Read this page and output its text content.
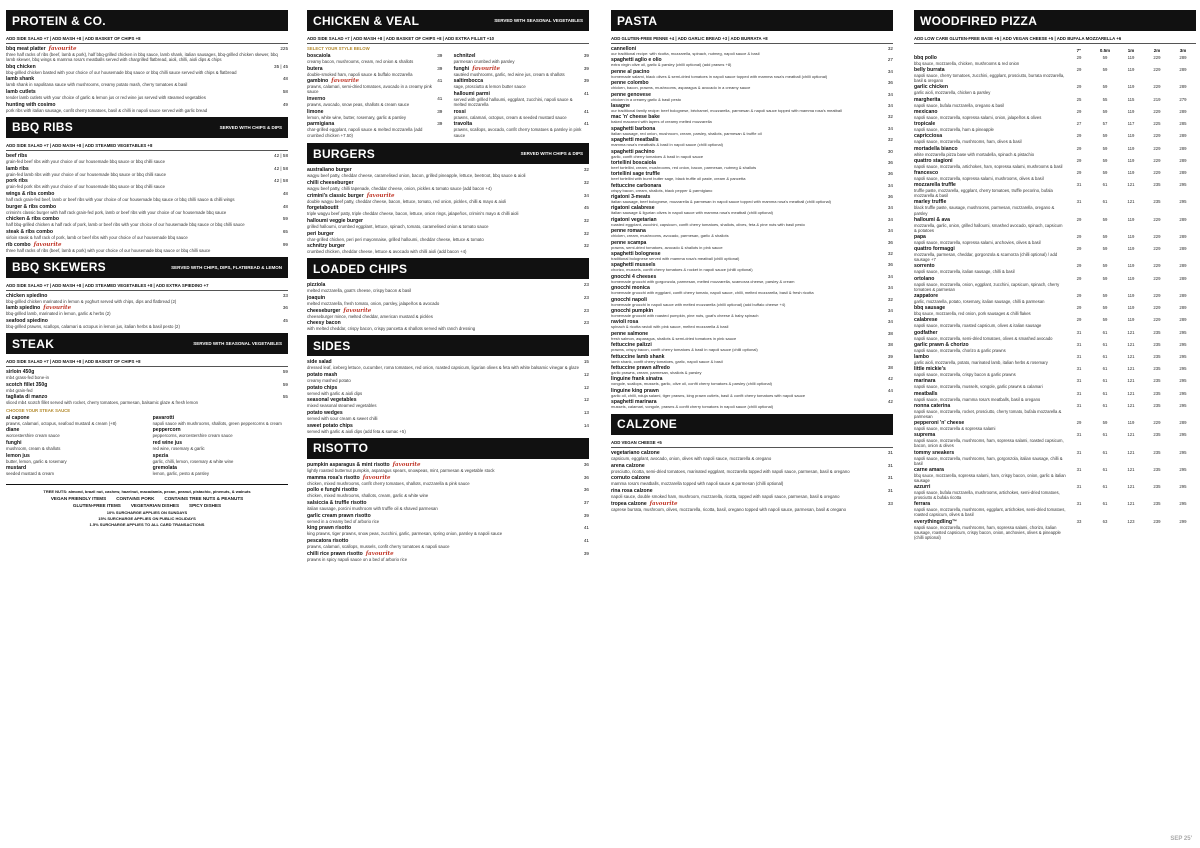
PROTEIN & CO.
ADD SIDE SALAD +7 | ADD MASH +8 | ADD BASKET OF CHIPS +8
bbq meat platter favourite
three half racks of ribs (beef, lamb & pork), half bbq-grilled chicken in bbq sauce, lamb shank, italian sausages, bbq-grilled chicken skewer, bbq lamb skewer, bbq wings & mamma rosa's meatballs served with chargrilled flatbread, aioli, chilli, aioli dips & chips
225
bbq chicken
bbq-grilled chicken basted with your choice of our housemade bbq sauce or bbq chilli sauce served with chips & flatbread
35 | 45
lamb shank
lamb shank in napolitana sauce with mushrooms, creamy potato mash, cherry tomatoes & basil
48
lamb cutlets
tender lamb cutlets with your choice of garlic & lemon jus or red wine jus served with steamed vegetables
58
hunting with cosimo
pork ribs with italian sausage, confit cherry tomatoes, basil & chilli in napoli sauce served with garlic bread
49
BBQ RIBS	SERVED WITH CHIPS & DIPS
ADD SIDE SALAD +7 | ADD MASH +8 | ADD STEAMED VEGETABLES +8
beef ribs
grain-fed beef ribs with your choice of our housemade bbq sauce or bbq chilli sauce
42 | 58
lamb ribs
grain-fed lamb ribs with your choice of our housemade bbq sauce or bbq chilli sauce
42 | 58
pork ribs
grain-fed pork ribs with your choice of our housemade bbq sauce or bbq chilli sauce
42 | 58
wings & ribs combo
half rack grain-fed beef, lamb or beef ribs with your choice of our housemade bbq sauce or bbq chilli sauce & chilli wings
48
burger & ribs combo
crimini's classic burger with half rack grain-fed pork, lamb or beef ribs with your choice of our housemade bbq sauce
48
chicken & ribs combo
half bbq-grilled chicken & half rack of pork, lamb or beef ribs with your choice of our housemade bbq sauce or bbq chilli sauce
59
steak & ribs combo
sirloin steak & half rack of pork, lamb or beef ribs with your choice of our housemade bbq sauce
65
rib combo favourite
three half racks of ribs (beef, lamb & pork) with your choice of our housemade bbq sauce or bbq chilli sauce
99
BBQ SKEWERS	SERVED WITH CHIPS, DIPS, FLATBREAD & LEMON
ADD SIDE SALAD +7 | ADD MASH +8 | ADD STEAMED VEGETABLES +8 | ADD EXTRA SPIEDINO +7
chicken spiedino
bbq-grilled chicken marinated in lemon & yoghurt served with chips, dips and flatbread (2)
33
lamb spiedino favourite
bbq-grilled lamb, marinated in lemon, garlic & herbs (2)
36
seafood spiedino
bbq-grilled prawns, scallops, calamari & octopus in lemon jus, italian herbs & basil pesto (2)
45
STEAK	SERVED WITH SEASONAL VEGETABLES
ADD SIDE SALAD +7 | ADD MASH +8 | ADD BASKET OF CHIPS +8
sirloin 450g
mb4 grass-fed bone-in
59
scotch fillet 350g
mb4 grain-fed
59
tagliata di manzo
sliced mb4 scotch fillet served with rocket, cherry tomatoes, parmesan, balsamic glaze & fresh lemon
55
CHOOSE YOUR STEAK SAUCE
al capone
prawns, calamari, octopus, seafood mustard & cream (+8)
diane
worcestershire cream sauce
funghi
mushroom, cream & shallots
lemon jus
butter, lemon, garlic & rosemary
mustard
seeded mustard & cream
pavarotti
napoli sauce with mushrooms, shallots, green peppercorns & cream
peppercorn
peppercorns, worcestershire cream sauce
red wine jus
red wine, rosemary & garlic
spezia
garlic, chilli, lemon, rosemary & white wine
gremolata
lemon, garlic, pesto & parsley

TREE NUTS: almond, brazil nut, cashew, hazelnut, macadamia, pecan, peanut, pistachio, pinenuts, & walnuts

VEGAN FRIENDLY ITEMS CONTAINS PORK CONTAINS TREE NUTS & PEANUTS
GLUTEN-FREE ITEMS VEGETARIAN DISHES SPICY DISHES

10% SURCHARGE APPLIES ON SUNDAYS

15% SURCHARGE APPLIES ON PUBLIC HOLIDAYS

1.5% SURCHARGE APPLIES TO ALL CARD TRANSACTIONS

CHICKEN & VEAL	SERVED WITH SEASONAL VEGETABLES
ADD SIDE SALAD +7 | ADD MASH +8 | ADD BASKET OF CHIPS +8 | ADD EXTRA FILLET +10
SELECT YOUR STYLE BELOW
boscaiola
creamy bacon, mushrooms, cream, red onion & shallots
39
butera
double-smoked ham, napoli sauce & buffalo mozzarella
39
gambino favourite
prawns, calamari, semi-dried tomatoes, avocado in a creamy pink sauce
41
inverno
prawns, avocado, snow peas, shallots & cream sauce
41
limone
lemon, white wine, butter, rosemary, garlic & parsley
39
parmigiana
char-grilled eggplant, napoli sauce & melted mozzarella (add crumbed chicken +7.50)
39
schnitzel
parmesan crumbed with parsley
39
funghi favourite
sautéed mushrooms, garlic, red wine jus, cream & shallots
39
saltimbocca
sage, prosciutto & lemon butter sauce
39
halloumi parmi
served with grilled halloumi, eggplant, zucchini, napoli sauce & melted mozzarella
41
rossi
prawns, calamari, octopus, cream & seeded mustard sauce
41
travolta
prawns, scallops, avocado, confit cherry tomatoes & parsley in pink sauce
41
BURGERS	SERVED WITH CHIPS & DIPS
australiano burger
wagyu beef patty, cheddar cheese, caramelised onion, bacon, grilled pineapple, lettuce, beetroot, bbq sauce & aioli
32
chilli cheeseburger
wagyu beef patty, chilli tapenade, cheddar cheese, onion, pickles & tomato sauce (add bacon +4)
32
crimini's classic burger favourite
double wagyu beef patty, cheddar cheese, bacon, lettuce, tomato, red onion, pickles, chilli & mayo & aioli
34
forgetaboutit
triple wagyu beef patty, triple cheddar cheese, bacon, lettuce, onion rings, jalapeños, crimini's mayo & chilli aioli
45
halloumi veggie burger
grilled halloumi, crumbed eggplant, lettuce, spinach, tomato, caramelised onion & tomato sauce
32
peri burger
char-grilled chicken, peri peri mayonnaise, grilled halloumi, cheddar cheese, lettuce & tomato
32
schnitzy burger
crumbed chicken, cheddar cheese, lettuce & avocado with chilli aioli (add bacon +4)
32
LOADED CHIPS
pizziola
melted mozzarella, goat's cheese, crispy bacon & basil
23
joaquin
melted mozzarella, fresh tomato, onion, parsley, jalapeños & avocado
23
cheeseburger favourite
cheeseburger mince, melted cheddar, american mustard & pickles
23
cheesy bacon
with melted cheddar, crispy bacon, crispy pancetta & shallots served with ranch dressing
23
SIDES
side salad
dressed leaf, iceberg lettuce, cucumber, roma tomatoes, red onion, roasted capsicum, ligurian olives & feta with white balsamic vinegar & glaze
15
potato mash
creamy mashed potato
12
potato chips
served with garlic & aioli dips
12
seasonal vegetables
mixed seasonal steamed vegetables
12
potato wedges
served with sour cream & sweet chilli
13
sweet potato chips
served with garlic & aioli dips (add feta & sumac +5)
14
RISOTTO
pumpkin asparagus & mint risotto favourite
lightly roasted butternut pumpkin, asparagus spears, snowpeas, mint, parmesan & vegetable stock
36
mamma rosa's risotto favourite
chicken, mixed mushrooms, confit cherry tomatoes, shallots, mozzarella & pink sauce
36
pollo e funghi risotto
chicken, mixed mushrooms, shallots, cream, garlic & white wine
36
salsiccia & truffle risotto
italian sausage, porcini mushroom with truffle oil & shaved parmesan
37
garlic cream prawn risotto
served in a creamy bed of arborio rice
39
king prawn risotto
king prawns, tiger prawns, snow peas, zucchini, garlic, parmesan, spring onion, parsley & napoli sauce
41
pescatora risotto
prawns, calamari, scallops, mussels, confit cherry tomatoes & napoli sauce
41
chilli rice prawn risotto favourite
prawns in spicy napoli sauce on a bed of arborio rice
39
PASTA
ADD GLUTEN-FREE PENNE +4 | ADD GARLIC BREAD +3 | ADD BURRATA +8
cannelloni
our traditional recipe: with ricotta, mozzarella, spinach, nutmeg, napoli sauce & basil
32
spaghetti aglio e olio
extra virgin olive oil, garlic & parsley (chilli optional) (add prawns +8)
27
penne al pacino
homemade salami, black olives & semi-dried tomatoes in napoli sauce topped with mamma rosa's meatball (chilli optional)
34
penne colombo
chicken, bacon, prawns, mushrooms, asparagus & avocado in a creamy sauce
36
penne genovese
chicken in a creamy garlic & basil pesto
34
lasagne
our traditional family recipe: beef bolognese, béchamel, mozzarella, parmesan & napoli sauce topped with mamma rosa's meatball
34
mac 'n' cheese bake
baked macaroni with layers of creamy melted mozzarella
32
spaghetti barbona
italian sausage, red onion, mushroom, cream, parsley, shallots, parmesan & truffle oil
34
spaghetti meatballs
mamma rosa's meatballs & basil in napoli sauce (chilli optional)
32
spaghetti pachino
garlic, confit cherry tomatoes & basil in napoli sauce
30
tortellini boscaiola
beef tortellini, cream, mushrooms, red onion, bacon, parmesan, nutmeg & shallots
36
tortellini sage truffle
beef tortellini with burnt butter sage, black truffle oil paste, cream & pancetta
36
fettuccine carbonara
crispy bacon, cream, shallots, black pepper & parmigiano
34
rigatoni 3-meats
italian sausage, beef bolognese, mozzarella & parmesan in napoli sauce topped with mamma rosa's meatball (chilli optional)
36
rigatoni calabrese
italian sausage & ligurian olives in napoli sauce with mamma rosa's meatball (chilli optional)
34
rigatoni vegetarian
roasted eggplant, zucchini, capsicum, confit cherry tomatoes, shallots, olives, feta & pine nuts with basil pesto
34
penne romana
chicken, cream, mushrooms, avocado, parmesan, garlic & shallots
34
penne scampa
prawns, semi-dried tomatoes, avocado & shallots in pink sauce
36
spaghetti bolognese
traditional bolognese served with mamma rosa's meatball (chilli optional)
32
spaghetti mussels
chorizo, mussels, confit cherry tomatoes & rocket in napoli sauce (chilli optional)
36
gnocchi 4 cheeses
homemade gnocchi with gorgonzola, parmesan, melted mozzarella, scamorza cheese, parsley & cream
34
gnocchi monica
homemade gnocchi with eggplant, confit cherry tomato, napoli sauce, chilli, melted mozzarella, basil & fresh ricotta
34
gnocchi napoli
homemade gnocchi in napoli sauce with melted mozzarella (chilli optional) (add buffalo cheese +4)
32
gnocchi pumpkin
homemade gnocchi with roasted pumpkin, pine nuts, goat's cheese & baby spinach
34
ravioli rosa
spinach & ricotta ravioli with pink sauce, melted mozzarella & basil
34
penne salmone
fresh salmon, asparagus, shallots & semi-dried tomatoes in pink sauce
38
fettuccine palizzi
prawns, crispy bacon, confit cherry tomatoes & basil in napoli sauce (chilli optional)
38
fettuccine lamb shank
lamb shank, confit cherry tomatoes, garlic, napoli sauce & basil
39
fettuccine prawn alfredo
garlic prawns, cream, parmesan, shallots & parsley
38
linguine frank sinatra
vongole, scallops, mussels, garlic, olive oil, confit cherry tomatoes & parsley (chilli optional)
42
linguine king prawn
garlic oil, chilli, nduja salami, tiger prawns, king prawn cutlets, basil & confit cherry tomatoes with napoli sauce
44
spaghetti marinara
mussels, calamari, vongole, prawns & confit cherry tomatoes in napoli sauce (chilli optional)
42
CALZONE
ADD VEGAN CHEESE +5
vegetariano calzone
capsicum, eggplant, avocado, onion, olives with napoli sauce, mozzarella & oregano
31
arena calzone
prosciutto, ricotta, semi-dried tomatoes, marinated eggplant, mozzarella topped with napoli sauce, parmesan, basil & oregano
31
cornuto calzone
mamma rosa's meatballs, mozzarella topped with napoli sauce & parmesan (chilli optional)
31
rina rosa calzone
napoli sauce, double smoked ham, mushroom, mozzarella, ricotta, topped with napoli sauce, parmesan, basil & oregano
31
tropea calzone favourite
caprese burrata, mushroom, olives, mozzarella, ricotta, basil, oregano topped with napoli sauce, parmesan, basil & oregano
33
WOODFIRED PIZZA
ADD LOW CARB GLUTEN-FREE BASE +5 | ADD VEGAN CHEESE +5 | ADD BUFALA MOZZARELLA +6
7"	0.5m	1m	2m	3m
bbq pollo
bbq sauce, mozzarella, chicken, mushrooms & red onion
29	59	119	229	289
belly burrata
napoli sauce, cherry tomatoes, zucchini, eggplant, prosciutto, burrata mozzarella, basil & oregano
29	59	119	229	289
garlic chicken
garlic aioli, mozzarella, chicken & parsley
29	59	119	229	289
margherita
napoli sauce, bufala mozzarella, oregano & basil
25	55	115	219	279
mexicano
napoli sauce, mozzarella, sopressa salami, onion, jalapeños & olives
29	59	119	229	289
tropicale
napoli sauce, mozzarella, ham & pineapple
27	57	117	225	285
capricciosa
napoli sauce, mozzarella, mushrooms, ham, olives & basil
29	59	119	229	289
mortadella bianco
white mozzarella pizza base with mortadella, spinach & pistachio
29	59	119	229	289
quattro stagioni
napoli sauce, mozzarella, artichokes, ham, sopressa salami, mushrooms & basil
29	59	119	229	289
francesco
napoli sauce, mozzarella, sopressa salami, mushrooms, olives & basil
29	59	119	229	289
mozzarella truffle
truffle paste, mozzarella, eggplant, cherry tomatoes, truffle pecorino, bufala mozzarella & basil
31	61	121	235	295
marley truffle
black truffle paste, sausage, mushrooms, parmesan, mozzarella, oregano & parsley
31	61	121	235	295
halloumi & ava
mozzarella, garlic, onion, grilled halloumi, smashed avocado, spinach, capsicum & potatoes
29	59	119	229	289
papa
napoli sauce, mozzarella, sopressa salami, anchovies, olives & basil
29	59	119	229	289
quattro formaggi
mozzarella, parmesan, cheddar, gorgonzola & scamorza (chilli optional) / add sausage +7
29	59	119	229	289
sorrento
napoli sauce, mozzarella, italian sausage, chilli & basil
29	59	119	229	289
ortolano
napoli sauce, mozzarella, onion, eggplant, zucchini, capsicum, spinach, cherry tomatoes & parmesan
29	59	119	229	289
zappatore
garlic, mozzarella, potato, rosemary, italian sausage, chilli & parmesan
29	59	119	229	289
bbq sausage
bbq sauce, mozzarella, red onion, pork sausages & chilli flakes
29	59	119	229	289
calabrese
napoli sauce, mozzarella, roasted capsicum, olives & italian sausage
29	59	119	229	289
godfather
napoli sauce, mozzarella, semi-dried tomatoes, olives & smashed avocado
31	61	121	235	295
garlic prawn & chorizo
napoli sauce, mozzarella, chorizo & garlic prawns
31	61	121	235	295
lambo
garlic aioli, mozzarella, potato, marinated lamb, italian herbs & rosemary
31	61	121	235	295
little mickie's
napoli sauce, mozzarella, crispy bacon & garlic prawns
31	61	121	235	295
marinara
napoli sauce, mozzarella, mussels, vongole, garlic prawns & calamari
31	61	121	235	295
meatballs
napoli sauce, mozzarella, mamma rosa's meatballs, basil & oregano
31	61	121	235	295
nonna caterina
napoli sauce, mozzarella, rocket, prosciutto, cherry tomato, bufala mozzarella & parmesan
31	61	121	235	295
pepperoni 'n' cheese
napoli sauce, mozzarella & sopressa salami
29	59	119	229	289
suprema
napoli sauce, mozzarella, mushrooms, ham, sopressa salami, roasted capsicum, bacon, onion & olives
31	61	121	235	295
tommy sneakers
napoli sauce, mozzarella, mushrooms, ham, gorgonzola, italian sausage, chilli & basil
31	61	121	235	295
carne amara
bbq sauce, mozzarella, sopressa salami, ham, crispy bacon, onion, garlic & italian sausage
31	61	121	235	295
azzurri
napoli sauce, bufala mozzarella, mushrooms, artichokes, semi-dried tomatoes, prosciutto & bufala ricotta
31	61	121	235	295
ferrara
napoli sauce, mozzarella, mushrooms, eggplant, artichokes, semi-dried tomatoes, roasted capsicum, olives & basil
31	61	121	235	295
everythingdling™
napoli sauce, mozzarella, mushrooms, ham, sopressa salami, chorizo, italian sausage, roasted capsicum, crispy bacon, onion, anchovies, olives & pineapple (chilli optional)
33	63	123	239	299
SEP 25'
